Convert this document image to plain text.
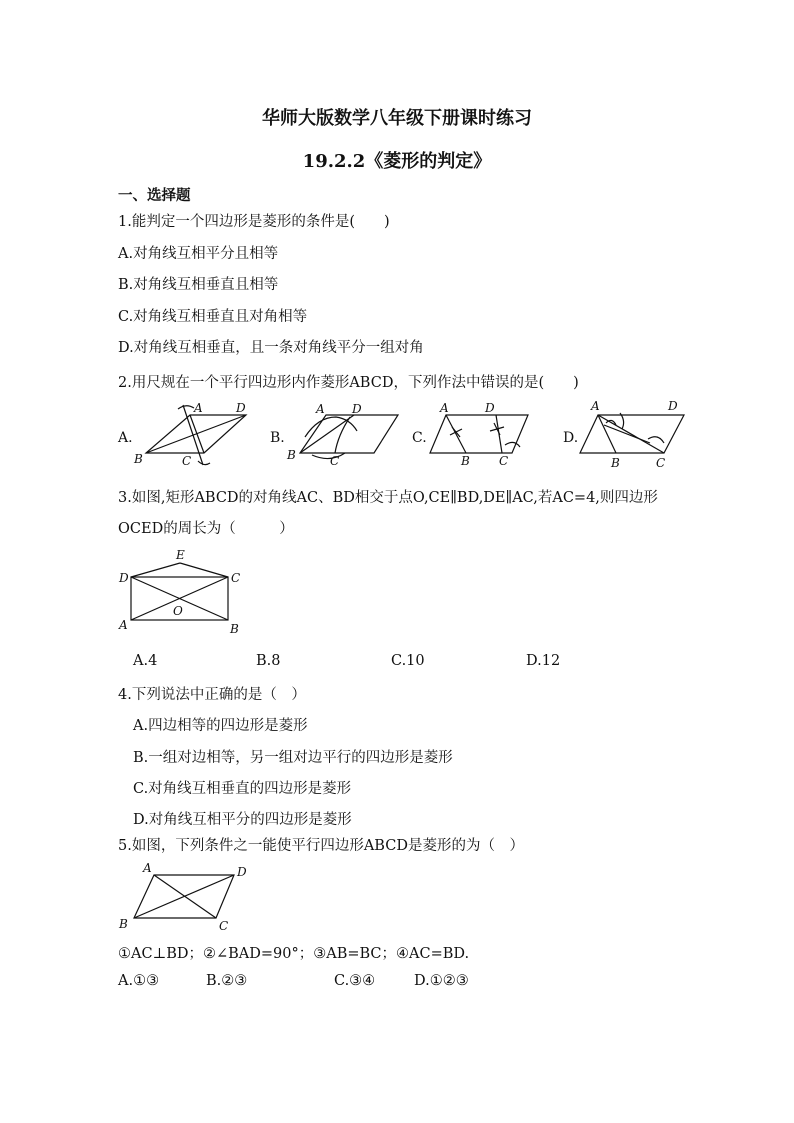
华师大版数学八年级下册课时练习
19.2.2《菱形的判定》
一、选择题
1.能判定一个四边形是菱形的条件是(　　)
A.对角线互相平分且相等
B.对角线互相垂直且相等
C.对角线互相垂直且对角相等
D.对角线互相垂直，且一条对角线平分一组对角
2.用尺规在一个平行四边形内作菱形ABCD，下列作法中错误的是(　　)
A.
A	D
B	C
B.
A D
B	C
C.
A	D
B C
D.
A	D
B	C
3.如图,矩形ABCD的对角线AC、BD相交于点O,CE∥BD,DE∥AC,若AC=4,则四边形
OCED的周长为（　　　）
E
D	C
O
A	B
A.4	B.8	C.10	D.12
4.下列说法中正确的是（　）
A.四边相等的四边形是菱形
B.一组对边相等，另一组对边平行的四边形是菱形
C.对角线互相垂直的四边形是菱形
D.对角线互相平分的四边形是菱形
5.如图，下列条件之一能使平行四边形ABCD是菱形的为（　）
A	D
B	C
①AC⊥BD；②∠BAD=90°；③AB=BC；④AC=BD.
A.①③	B.②③	C.③④	D.①②③
